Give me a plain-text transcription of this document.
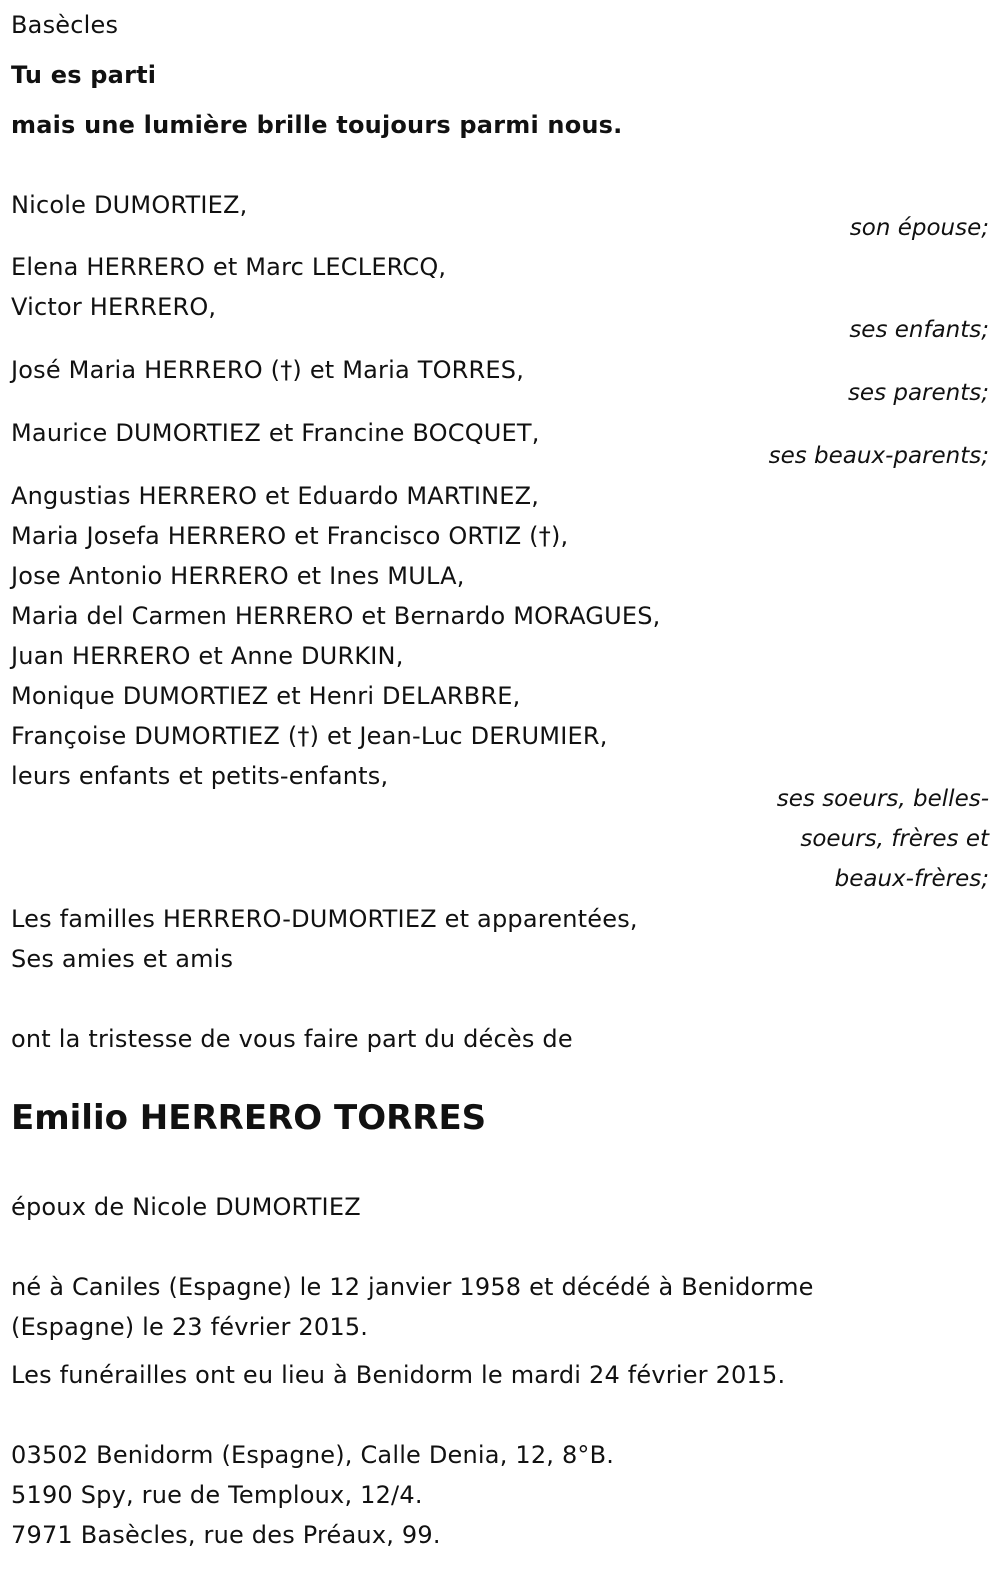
Basècles
Tu es parti
mais une lumière brille toujours parmi nous.
Nicole DUMORTIEZ,
son épouse;
Elena HERRERO et Marc LECLERCQ,
Victor HERRERO,
ses enfants;
José Maria HERRERO (†) et Maria TORRES,
ses parents;
Maurice DUMORTIEZ et Francine BOCQUET,
ses beaux-parents;
Angustias HERRERO et Eduardo MARTINEZ,
Maria Josefa HERRERO et Francisco ORTIZ (†),
Jose Antonio HERRERO et Ines MULA,
Maria del Carmen HERRERO et Bernardo MORAGUES,
Juan HERRERO et Anne DURKIN,
Monique DUMORTIEZ et Henri DELARBRE,
Françoise DUMORTIEZ (†) et Jean-Luc DERUMIER,
leurs enfants et petits-enfants,
ses soeurs, belles-
soeurs, frères et
beaux-frères;
Les familles HERRERO-DUMORTIEZ et apparentées,
Ses amies et amis
ont la tristesse de vous faire part du décès de
Emilio HERRERO TORRES
époux de Nicole DUMORTIEZ
né à Caniles (Espagne) le 12 janvier 1958 et décédé à Benidorme
(Espagne) le 23 février 2015.
Les funérailles ont eu lieu à Benidorm le mardi 24 février 2015.
03502 Benidorm (Espagne), Calle Denia, 12, 8°B.
5190 Spy, rue de Temploux, 12/4.
7971 Basècles, rue des Préaux, 99.
